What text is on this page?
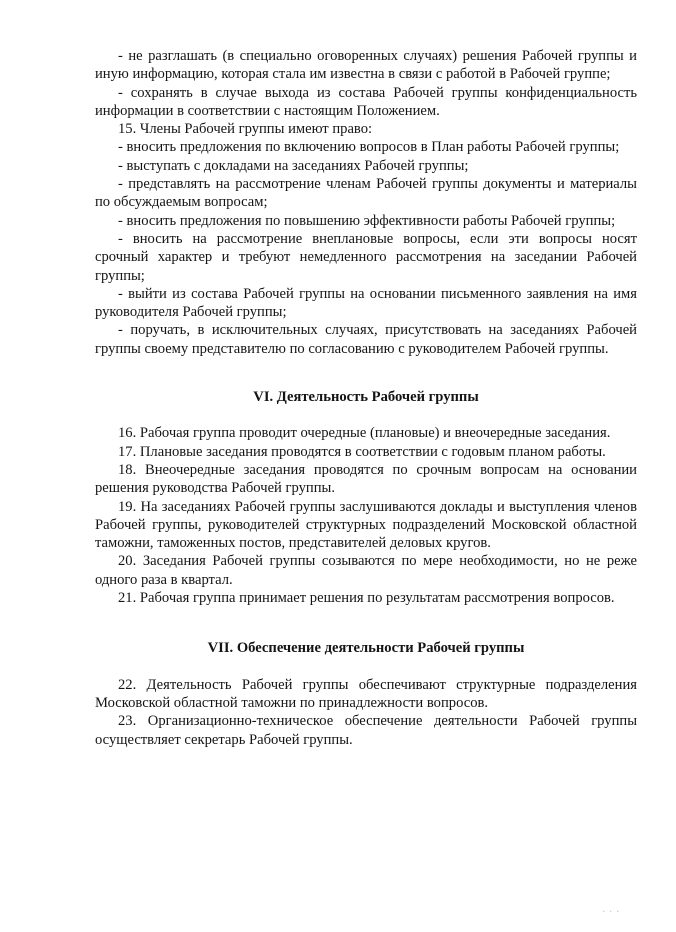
- не разглашать (в специально оговоренных случаях) решения Рабочей группы и иную информацию, которая стала им известна в связи с работой в Рабочей группе;

- сохранять в случае выхода из состава Рабочей группы конфиденциальность информации в соответствии с настоящим Положением.

15. Члены Рабочей группы имеют право:

- вносить предложения по включению вопросов в План работы Рабочей группы;

- выступать с докладами на заседаниях Рабочей группы;

- представлять на рассмотрение членам Рабочей группы документы и материалы по обсуждаемым вопросам;

- вносить предложения по повышению эффективности работы Рабочей группы;

- вносить на рассмотрение внеплановые вопросы, если эти вопросы носят срочный характер и требуют немедленного рассмотрения на заседании Рабочей группы;

- выйти из состава Рабочей группы на основании письменного заявления на имя руководителя Рабочей группы;

- поручать, в исключительных случаях, присутствовать на заседаниях Рабочей группы своему представителю по согласованию с руководителем Рабочей группы.

VI. Деятельность Рабочей группы

16. Рабочая группа проводит очередные (плановые) и внеочередные заседания.

17. Плановые заседания проводятся в соответствии с годовым планом работы.

18. Внеочередные заседания проводятся по срочным вопросам на основании решения руководства Рабочей группы.

19. На заседаниях Рабочей группы заслушиваются доклады и выступления членов Рабочей группы, руководителей структурных подразделений Московской областной таможни, таможенных постов, представителей деловых кругов.

20. Заседания Рабочей группы созываются по мере необходимости, но не реже одного раза в квартал.

21. Рабочая группа принимает решения по результатам рассмотрения вопросов.

VII. Обеспечение деятельности Рабочей группы

22. Деятельность Рабочей группы обеспечивают структурные подразделения Московской областной таможни по принадлежности вопросов.

23. Организационно-техническое обеспечение деятельности Рабочей группы осуществляет секретарь Рабочей группы.

· · ·
